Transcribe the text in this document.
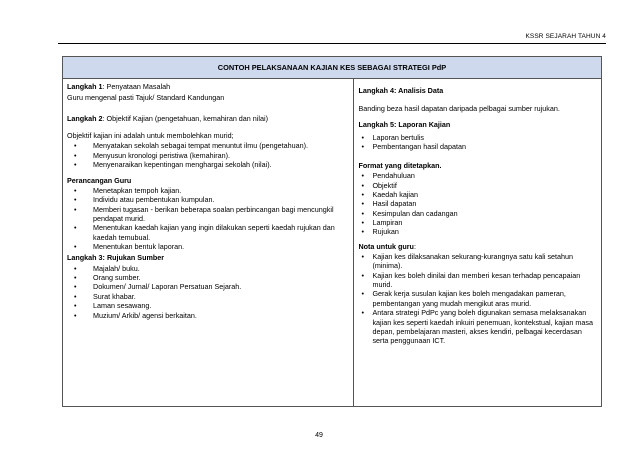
KSSR SEJARAH TAHUN 4
CONTOH PELAKSANAAN KAJIAN KES SEBAGAI STRATEGI PdP

Langkah 1: Penyataan Masalah
Guru mengenal pasti Tajuk/ Standard Kandungan
Langkah 2: Objektif Kajian (pengetahuan, kemahiran dan nilai)
Objektif kajian ini adalah untuk membolehkan murid;
• Menyatakan sekolah sebagai tempat menuntut ilmu (pengetahuan).
• Menyusun kronologi peristiwa (kemahiran).
• Menyenaraikan kepentingan menghargai sekolah (nilai).
Perancangan Guru
• Menetapkan tempoh kajian.
• Individu atau pembentukan kumpulan.
• Memberi tugasan - berikan beberapa soalan perbincangan bagi mencungkil pendapat murid.
• Menentukan kaedah kajian yang ingin dilakukan seperti kaedah rujukan dan kaedah temubual.
• Menentukan bentuk laporan.
Langkah 3: Rujukan Sumber
• Majalah/ buku.
• Orang sumber.
• Dokumen/ Jurnal/ Laporan Persatuan Sejarah.
• Surat khabar.
• Laman sesawang.
• Muzium/ Arkib/ agensi berkaitan.

Langkah 4: Analisis Data
Banding beza hasil dapatan daripada pelbagai sumber rujukan.
Langkah 5: Laporan Kajian
• Laporan bertulis
• Pembentangan hasil dapatan
Format yang ditetapkan.
• Pendahuluan
• Objektif
• Kaedah kajian
• Hasil dapatan
• Kesimpulan dan cadangan
• Lampiran
• Rujukan
Nota untuk guru:
• Kajian kes dilaksanakan sekurang-kurangnya satu kali setahun (minima).
• Kajian kes boleh dinilai dan memberi kesan terhadap pencapaian murid.
• Gerak kerja susulan kajian kes boleh mengadakan pameran, pembentangan yang mudah mengikut aras murid.
• Antara strategi PdPc yang boleh digunakan semasa melaksanakan kajian kes seperti kaedah inkuiri penemuan, kontekstual, kajian masa depan, pembelajaran masteri, akses kendiri, pelbagai kecerdasan serta penggunaan ICT.
49
